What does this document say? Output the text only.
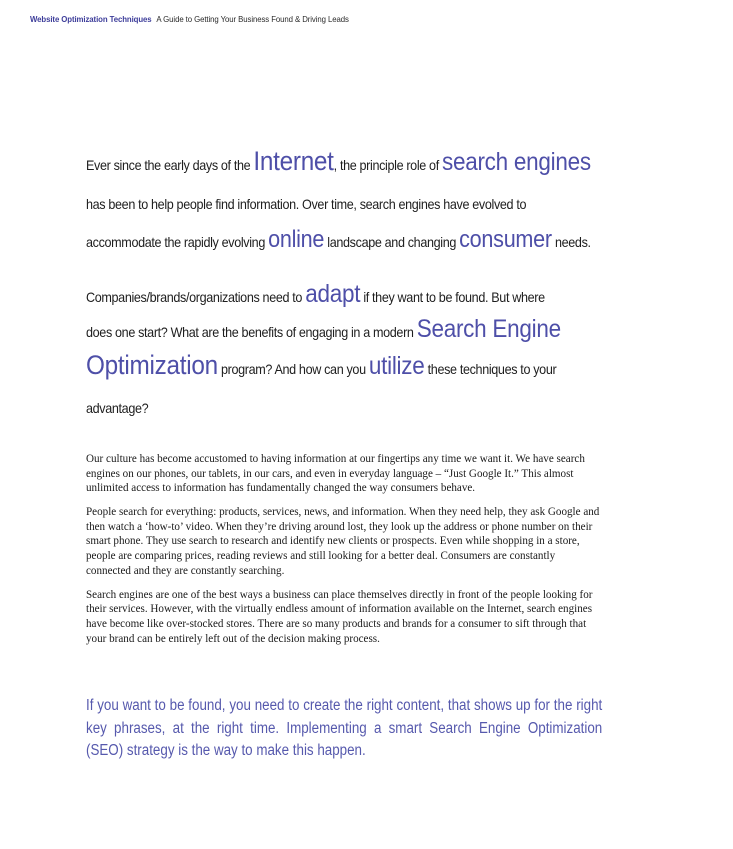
Website Optimization Techniques A Guide to Getting Your Business Found & Driving Leads
Ever since the early days of the Internet, the principle role of search engines
has been to help people find information. Over time, search engines have evolved to
accommodate the rapidly evolving online landscape and changing consumer needs.
Companies/brands/organizations need to adapt if they want to be found. But where
does one start? What are the benefits of engaging in a modern Search Engine
Optimization program? And how can you utilize these techniques to your
advantage?

Our culture has become accustomed to having information at our fingertips any time we want it. We have search engines on our phones, our tablets, in our cars, and even in everyday language – “Just Google It.” This almost unlimited access to information has fundamentally changed the way consumers behave.

People search for everything: products, services, news, and information. When they need help, they ask Google and then watch a ‘how-to’ video. When they’re driving around lost, they look up the address or phone number on their smart phone. They use search to research and identify new clients or prospects. Even while shopping in a store, people are comparing prices, reading reviews and still looking for a better deal. Consumers are constantly connected and they are constantly searching.

Search engines are one of the best ways a business can place themselves directly in front of the people looking for their services. However, with the virtually endless amount of information available on the Internet, search engines have become like over-stocked stores. There are so many products and brands for a consumer to sift through that your brand can be entirely left out of the decision making process.

If you want to be found, you need to create the right content, that shows up for the right key phrases, at the right time. Implementing a smart Search Engine Optimization (SEO) strategy is the way to make this happen.
